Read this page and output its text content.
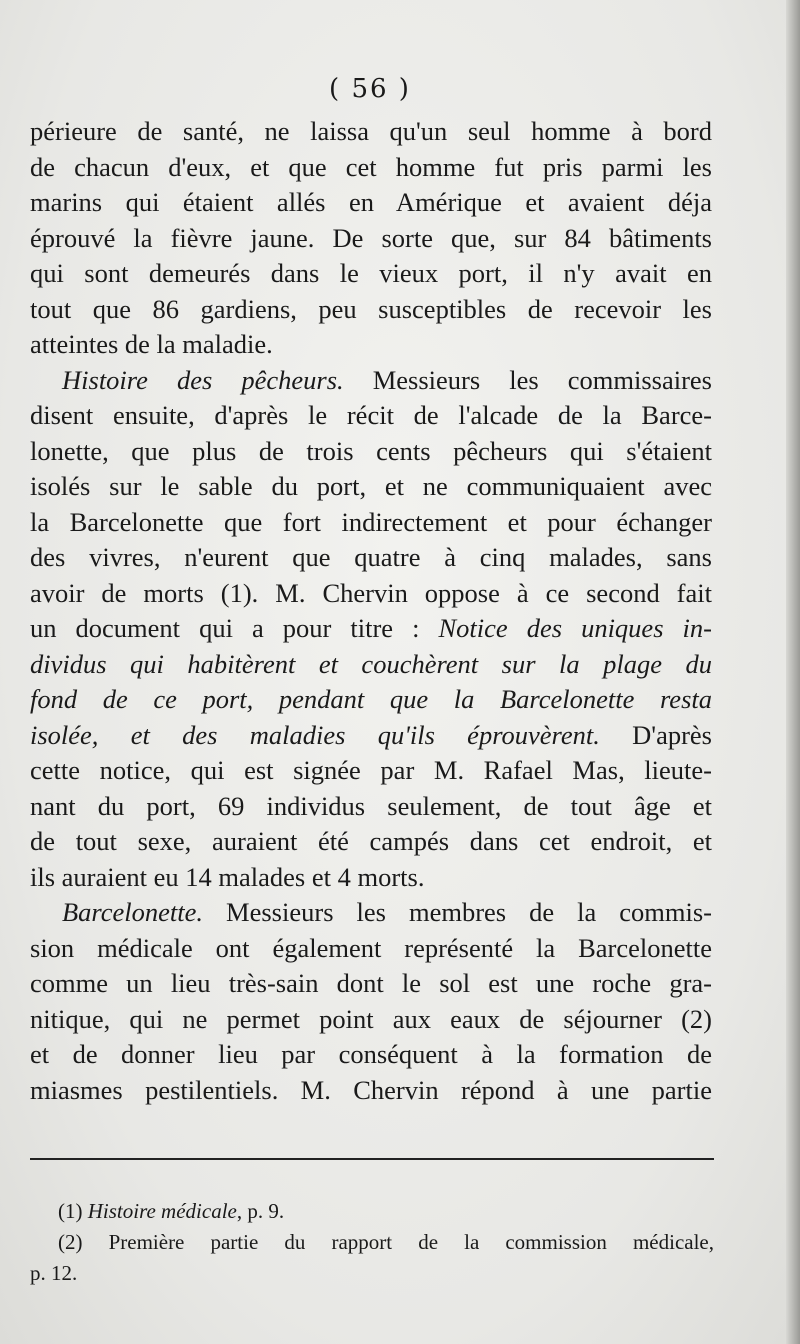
( 56 )
périeure de santé, ne laissa qu'un seul homme à bord
de chacun d'eux, et que cet homme fut pris parmi les
marins qui étaient allés en Amérique et avaient déja
éprouvé la fièvre jaune. De sorte que, sur 84 bâtiments
qui sont demeurés dans le vieux port, il n'y avait en
tout que 86 gardiens, peu susceptibles de recevoir les
atteintes de la maladie.
Histoire des pêcheurs. Messieurs les commissaires
disent ensuite, d'après le récit de l'alcade de la Barce-
lonette, que plus de trois cents pêcheurs qui s'étaient
isolés sur le sable du port, et ne communiquaient avec
la Barcelonette que fort indirectement et pour échanger
des vivres, n'eurent que quatre à cinq malades, sans
avoir de morts (1). M. Chervin oppose à ce second fait
un document qui a pour titre : Notice des uniques in-
dividus qui habitèrent et couchèrent sur la plage du
fond de ce port, pendant que la Barcelonette resta
isolée, et des maladies qu'ils éprouvèrent. D'après
cette notice, qui est signée par M. Rafael Mas, lieute-
nant du port, 69 individus seulement, de tout âge et
de tout sexe, auraient été campés dans cet endroit, et
ils auraient eu 14 malades et 4 morts.
Barcelonette. Messieurs les membres de la commis-
sion médicale ont également représenté la Barcelonette
comme un lieu très-sain dont le sol est une roche gra-
nitique, qui ne permet point aux eaux de séjourner (2)
et de donner lieu par conséquent à la formation de
miasmes pestilentiels. M. Chervin répond à une partie
(1) Histoire médicale, p. 9.
(2) Première partie du rapport de la commission médicale,
p. 12.
